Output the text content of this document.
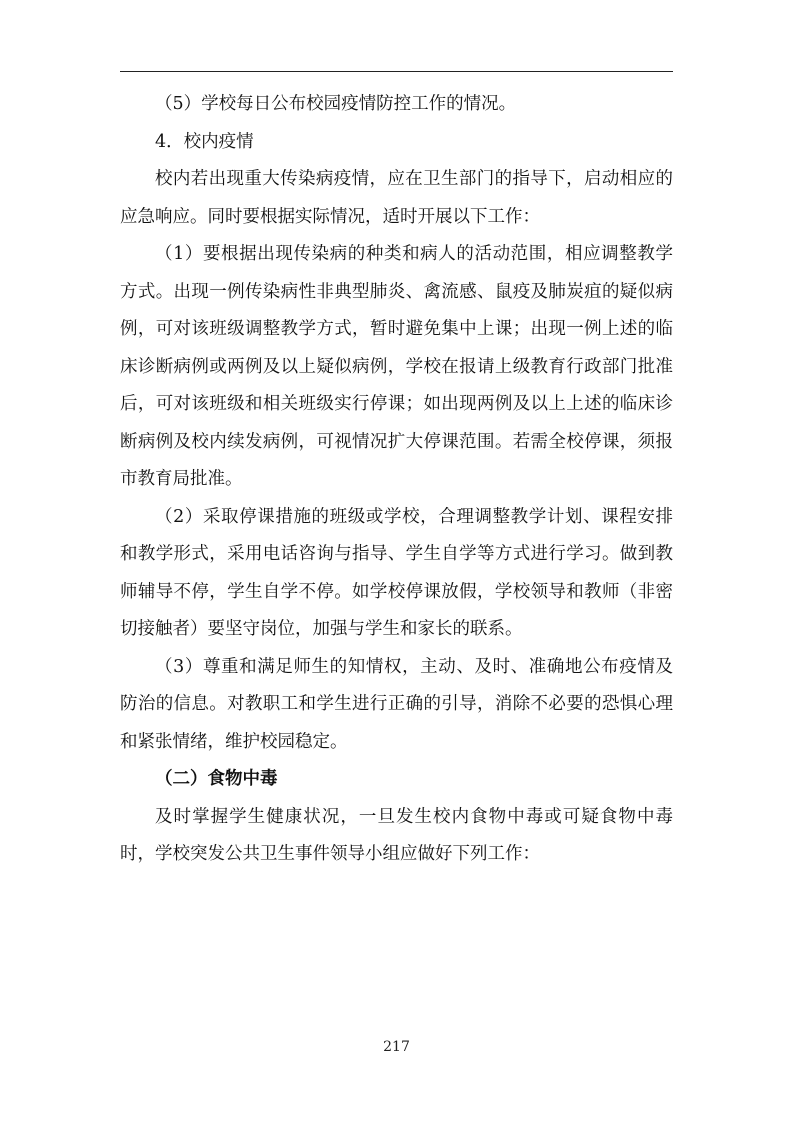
（5）学校每日公布校园疫情防控工作的情况。

4．校内疫情

校内若出现重大传染病疫情，应在卫生部门的指导下，启动相应的应急响应。同时要根据实际情况，适时开展以下工作：

（1）要根据出现传染病的种类和病人的活动范围，相应调整教学方式。出现一例传染病性非典型肺炎、禽流感、鼠疫及肺炭疽的疑似病例，可对该班级调整教学方式，暂时避免集中上课；出现一例上述的临床诊断病例或两例及以上疑似病例，学校在报请上级教育行政部门批准后，可对该班级和相关班级实行停课；如出现两例及以上上述的临床诊断病例及校内续发病例，可视情况扩大停课范围。若需全校停课，须报市教育局批准。

（2）采取停课措施的班级或学校，合理调整教学计划、课程安排和教学形式，采用电话咨询与指导、学生自学等方式进行学习。做到教师辅导不停，学生自学不停。如学校停课放假，学校领导和教师（非密切接触者）要坚守岗位，加强与学生和家长的联系。

（3）尊重和满足师生的知情权，主动、及时、准确地公布疫情及防治的信息。对教职工和学生进行正确的引导，消除不必要的恐惧心理和紧张情绪，维护校园稳定。

（二）食物中毒

及时掌握学生健康状况，一旦发生校内食物中毒或可疑食物中毒时，学校突发公共卫生事件领导小组应做好下列工作：

217
